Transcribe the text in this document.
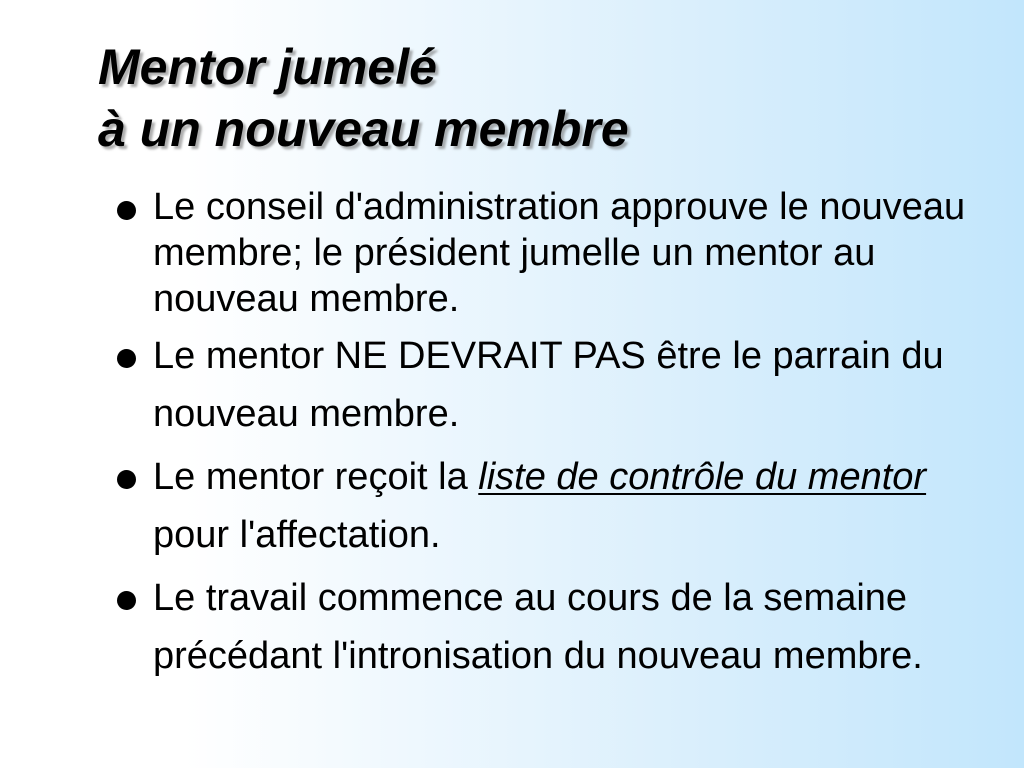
Mentor jumelé
à un nouveau membre
Le conseil d'administration approuve le nouveau membre; le président jumelle un mentor au nouveau membre.
Le mentor NE DEVRAIT PAS être le parrain du nouveau membre.
Le mentor reçoit la liste de contrôle du mentor pour l'affectation.
Le travail commence au cours de la semaine précédant l'intronisation du nouveau membre.
